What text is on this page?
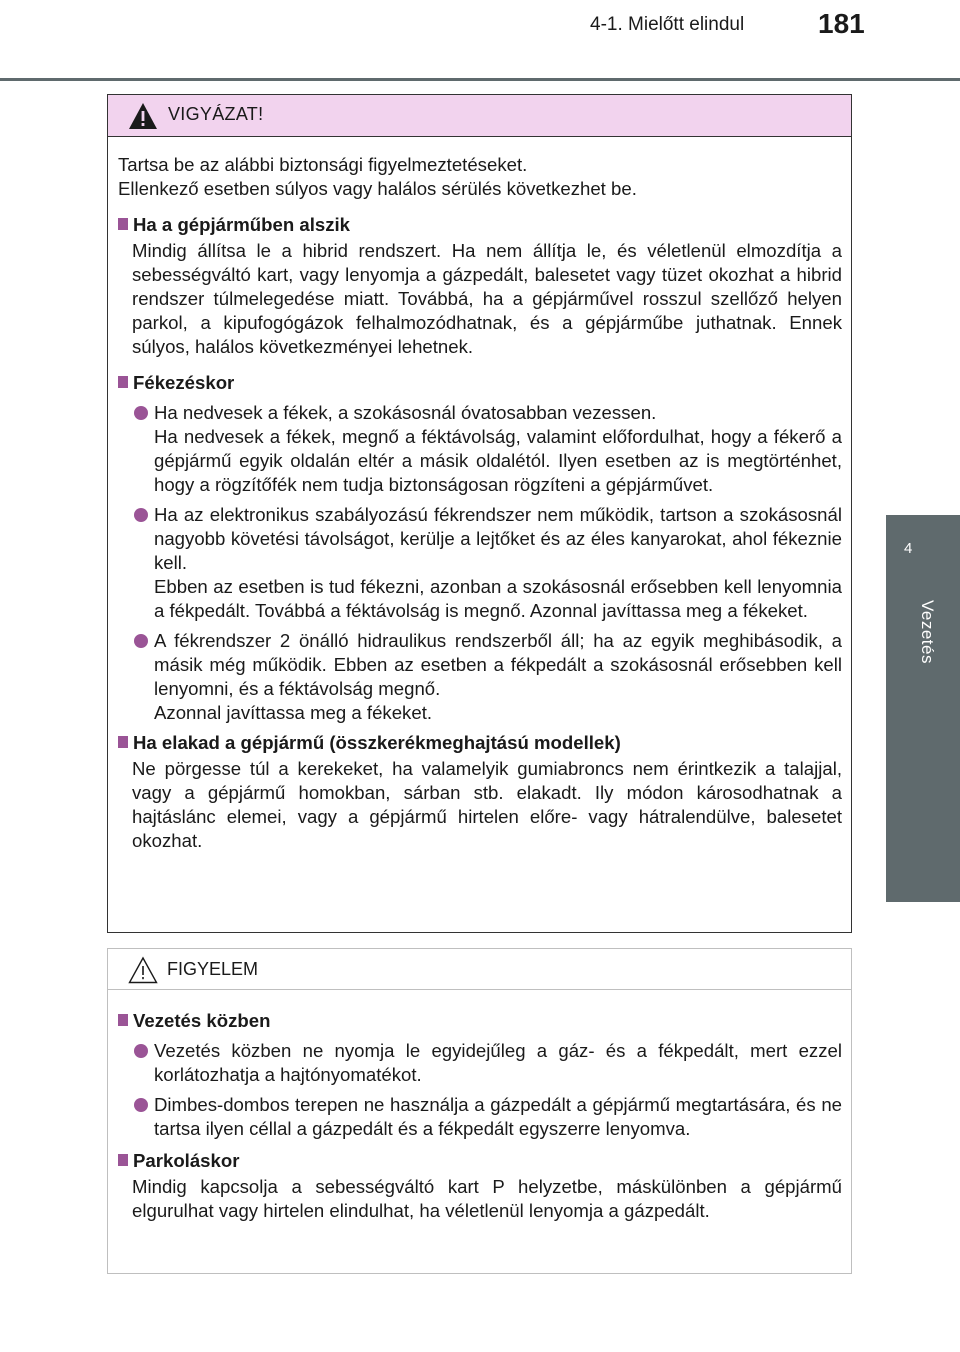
4-1. Mielőtt elindul	181
4
Vezetés
VIGYÁZAT!

Tartsa be az alábbi biztonsági figyelmeztetéseket.

Ellenkező esetben súlyos vagy halálos sérülés következhet be.

Ha a gépjárműben alszik

Mindig állítsa le a hibrid rendszert. Ha nem állítja le, és véletlenül elmozdítja a sebességváltó kart, vagy lenyomja a gázpedált, balesetet vagy tüzet okozhat a hibrid rendszer túlmelegedése miatt. Továbbá, ha a gépjárművel rosszul szellőző helyen parkol, a kipufogógázok felhalmozódhatnak, és a gépjárműbe juthatnak. Ennek súlyos, halálos következményei lehetnek.

Fékezéskor

Ha nedvesek a fékek, a szokásosnál óvatosabban vezessen.

Ha nedvesek a fékek, megnő a féktávolság, valamint előfordulhat, hogy a fékerő a gépjármű egyik oldalán eltér a másik oldalétól. Ilyen esetben az is megtörténhet, hogy a rögzítőfék nem tudja biztonságosan rögzíteni a gépjárművet.

Ha az elektronikus szabályozású fékrendszer nem működik, tartson a szokásosnál nagyobb követési távolságot, kerülje a lejtőket és az éles kanyarokat, ahol fékeznie kell.

Ebben az esetben is tud fékezni, azonban a szokásosnál erősebben kell lenyomnia a fékpedált. Továbbá a féktávolság is megnő. Azonnal javíttassa meg a fékeket.

A fékrendszer 2 önálló hidraulikus rendszerből áll; ha az egyik meghibásodik, a másik még működik. Ebben az esetben a fékpedált a szokásosnál erősebben kell lenyomni, és a féktávolság megnő.

Azonnal javíttassa meg a fékeket.

Ha elakad a gépjármű (összkerékmeghajtású modellek)

Ne pörgesse túl a kerekeket, ha valamelyik gumiabroncs nem érintkezik a talajjal, vagy a gépjármű homokban, sárban stb. elakadt. Ily módon károsodhatnak a hajtáslánc elemei, vagy a gépjármű hirtelen előre- vagy hátralendülve, balesetet okozhat.

FIGYELEM
Vezetés közben

Vezetés közben ne nyomja le egyidejűleg a gáz- és a fékpedált, mert ezzel korlátozhatja a hajtónyomatékot.

Dimbes-dombos terepen ne használja a gázpedált a gépjármű megtartására, és ne tartsa ilyen céllal a gázpedált és a fékpedált egyszerre lenyomva.

Parkoláskor

Mindig kapcsolja a sebességváltó kart P helyzetbe, máskülönben a gépjármű elgurulhat vagy hirtelen elindulhat, ha véletlenül lenyomja a gázpedált.
